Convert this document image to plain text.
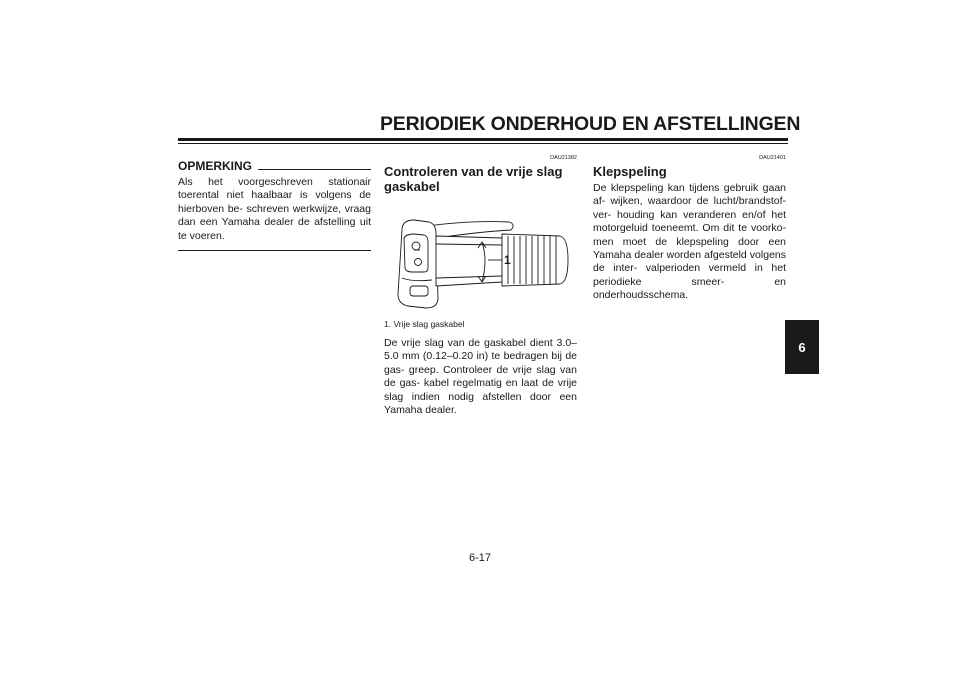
PERIODIEK ONDERHOUD EN AFSTELLINGEN
6
OPMERKING

Als het voorgeschreven stationair toerental niet haalbaar is volgens de hierboven be- schreven werkwijze, vraag dan een Yamaha dealer de afstelling uit te voeren.

DAU21382
Controleren van de vrije slag gaskabel
1
1. Vrije slag gaskabel

De vrije slag van de gaskabel dient 3.0–5.0 mm (0.12–0.20 in) te bedragen bij de gas- greep. Controleer de vrije slag van de gas- kabel regelmatig en laat de vrije slag indien nodig afstellen door een Yamaha dealer.

DAU21401
Klepspeling

De klepspeling kan tijdens gebruik gaan af- wijken, waardoor de lucht/brandstof-ver- houding kan veranderen en/of het motorgeluid toeneemt. Om dit te voorko- men moet de klepspeling door een Yamaha dealer worden afgesteld volgens de inter- valperioden vermeld in het periodieke smeer- en onderhoudsschema.

6-17
